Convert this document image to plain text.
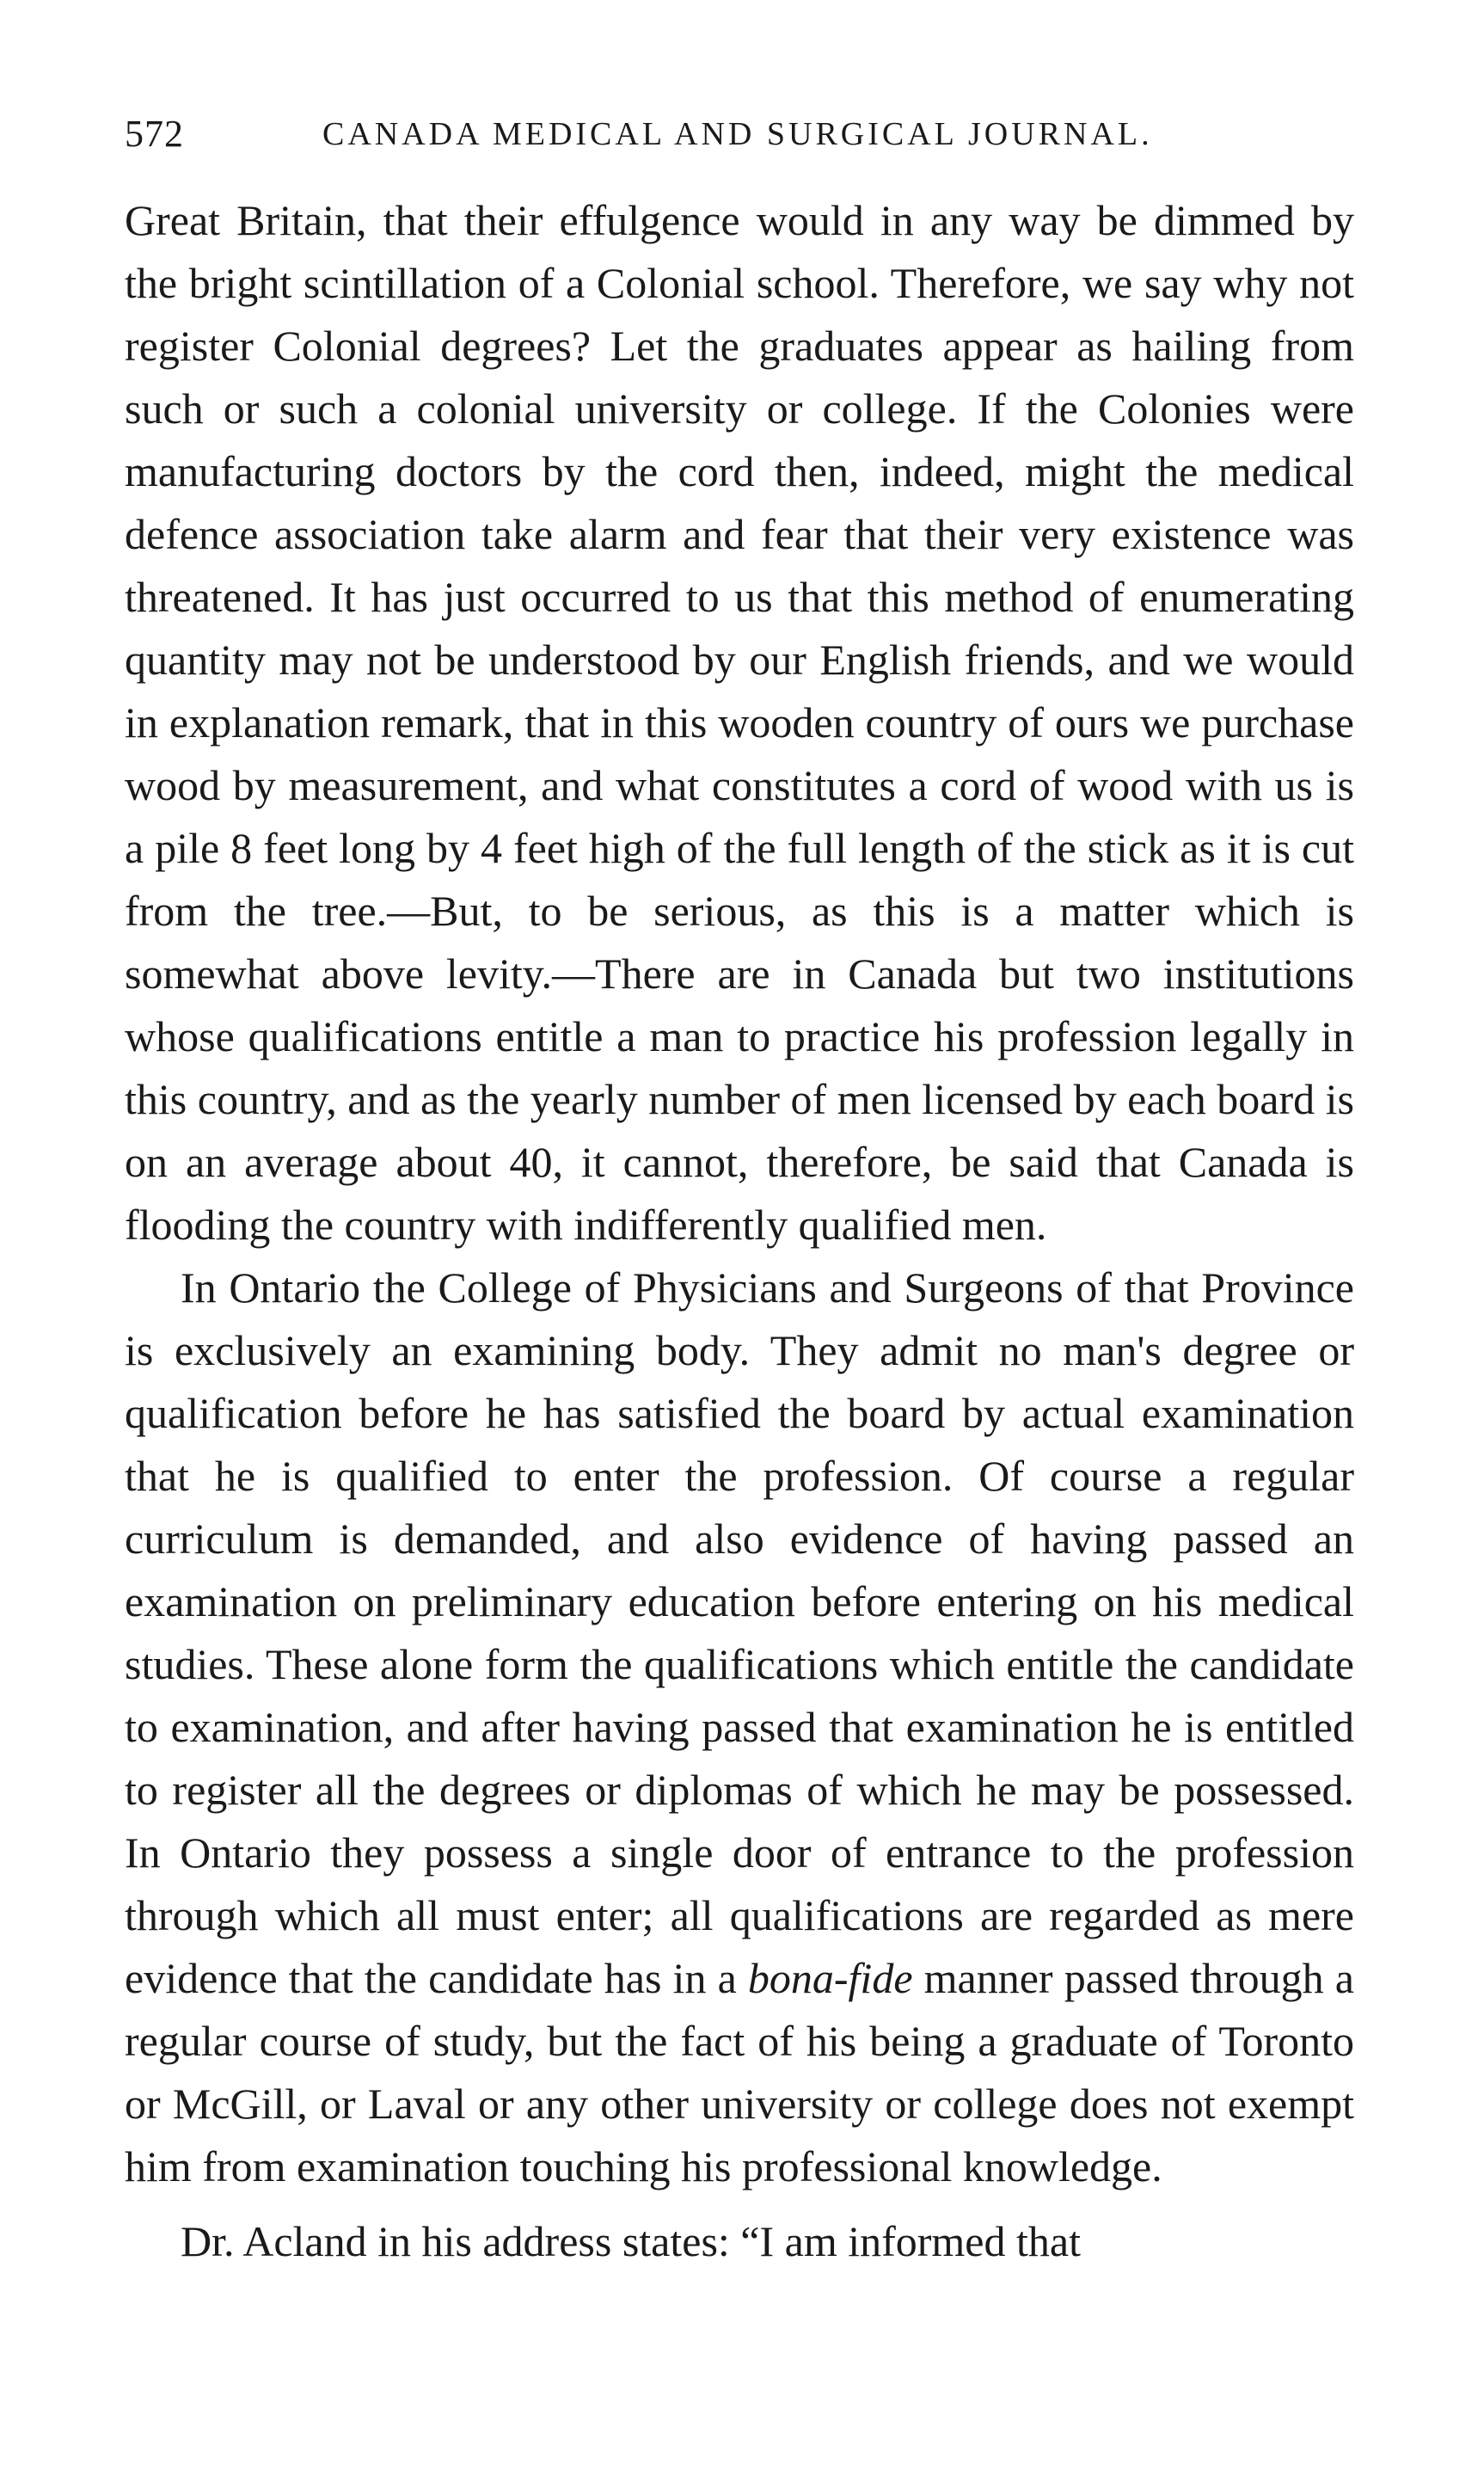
572	CANADA MEDICAL AND SURGICAL JOURNAL.

Great Britain, that their effulgence would in any way be dimmed by the bright scintillation of a Colonial school. Therefore, we say why not register Colonial degrees? Let the graduates appear as hailing from such or such a colonial university or college. If the Colonies were manufacturing doctors by the cord then, indeed, might the medical defence association take alarm and fear that their very existence was threatened. It has just occurred to us that this method of enumerating quantity may not be understood by our English friends, and we would in explanation remark, that in this wooden country of ours we purchase wood by measurement, and what constitutes a cord of wood with us is a pile 8 feet long by 4 feet high of the full length of the stick as it is cut from the tree.—But, to be serious, as this is a matter which is somewhat above levity.—There are in Canada but two institutions whose qualifications entitle a man to practice his profession legally in this country, and as the yearly number of men licensed by each board is on an average about 40, it cannot, therefore, be said that Canada is flooding the country with indifferently qualified men.

In Ontario the College of Physicians and Surgeons of that Province is exclusively an examining body. They admit no man's degree or qualification before he has satisfied the board by actual examination that he is qualified to enter the profession. Of course a regular curriculum is demanded, and also evidence of having passed an examination on preliminary education before entering on his medical studies. These alone form the qualifications which entitle the candidate to examination, and after having passed that examination he is entitled to register all the degrees or diplomas of which he may be possessed. In Ontario they possess a single door of entrance to the profession through which all must enter; all qualifications are regarded as mere evidence that the candidate has in a bona-fide manner passed through a regular course of study, but the fact of his being a graduate of Toronto or McGill, or Laval or any other university or college does not exempt him from examination touching his professional knowledge.

Dr. Acland in his address states: “I am informed that
